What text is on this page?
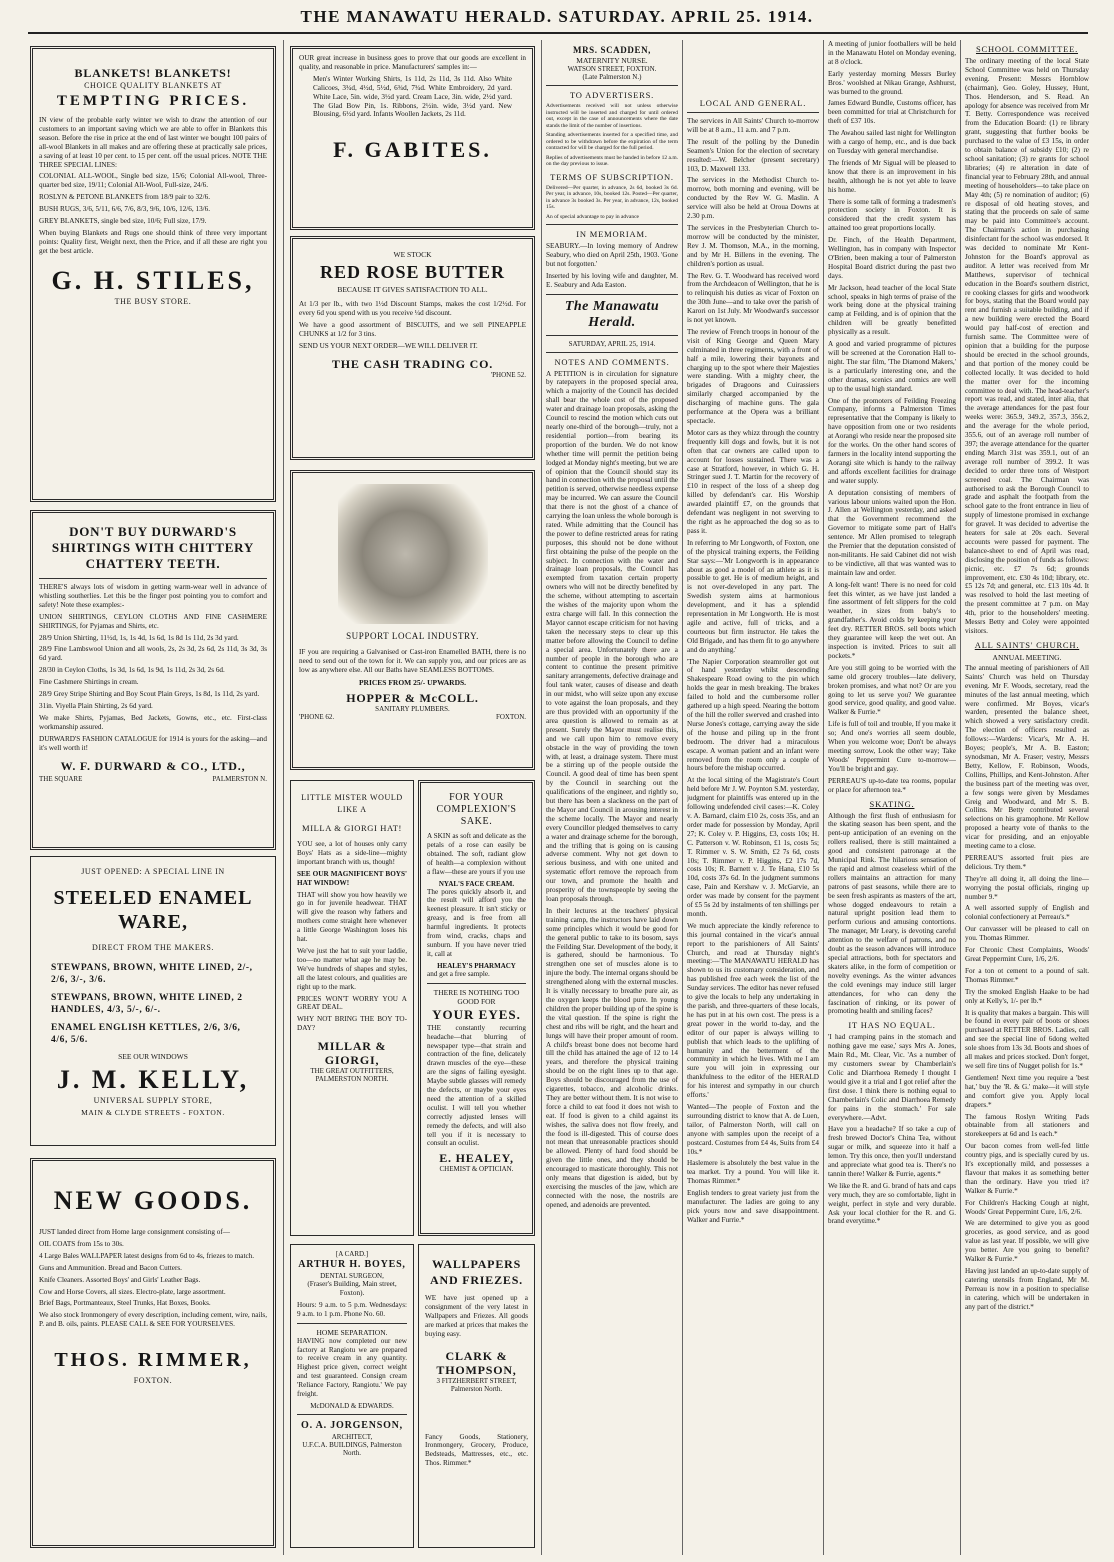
THE MANAWATU HERALD. SATURDAY. APRIL 25. 1914.
BLANKETS! BLANKETS!
CHOICE QUALITY BLANKETS AT
TEMPTING PRICES.

IN view of the probable early winter we wish to draw the attention of our customers to an important saving which we are able to offer in Blankets this season. Before the rise in price at the end of last winter we bought 100 pairs of all-wool Blankets in all makes and are offering these at practically sale prices, a saving of at least 10 per cent. to 15 per cent. off the usual prices. NOTE THE THREE SPECIAL LINES:

COLONIAL ALL-WOOL, Single bed size, 15/6; Colonial All-wool, Three-quarter bed size, 19/11; Colonial All-Wool, Full-size, 24/6.

ROSLYN & PETONE BLANKETS from 18/9 pair to 32/6.

BUSH RUGS, 3/6, 5/11, 6/6, 7/6, 8/3, 9/6, 10/6, 12/6, 13/6.

GREY BLANKETS, single bed size, 10/6; Full size, 17/9.

When buying Blankets and Rugs one should think of three very important points: Quality first, Weight next, then the Price, and if all these are right you get the best article.

G. H. STILES,
THE BUSY STORE.
DON'T BUY DURWARD'S SHIRTINGS WITH CHITTERY CHATTERY TEETH.

THERE'S always lots of wisdom in getting warm-wear well in advance of whistling southerlies. Let this be the finger post pointing you to comfort and safety! Note these examples:-

UNION SHIRTINGS, CEYLON CLOTHS AND FINE CASHMERE SHIRTINGS, for Pyjamas and Shirts, etc.

28/9 Union Shirting, 11½d, 1s, 1s 4d, 1s 6d, 1s 8d 1s 11d, 2s 3d yard.

28/9 Fine Lambswool Union and all wools, 2s, 2s 3d, 2s 6d, 2s 11d, 3s 3d, 3s 6d yard.

28/30 in Ceylon Cloths, 1s 3d, 1s 6d, 1s 9d, 1s 11d, 2s 3d, 2s 6d.

Fine Cashmere Shirtings in cream.

28/9 Grey Stripe Shirting and Boy Scout Plain Greys, 1s 8d, 1s 11d, 2s yard.

31in. Viyella Plain Shirting, 2s 6d yard.

We make Shirts, Pyjamas, Bed Jackets, Gowns, etc., etc. First-class workmanship assured.

DURWARD'S FASHION CATALOGUE for 1914 is yours for the asking—and it's well worth it!

W. F. DURWARD & CO., LTD.,
THE SQUARE	PALMERSTON N.
JUST OPENED: A SPECIAL LINE IN
STEELED ENAMEL WARE,
DIRECT FROM THE MAKERS.
STEWPANS, BROWN, WHITE LINED, 2/-, 2/6, 3/-, 3/6.
STEWPANS, BROWN, WHITE LINED, 2 HANDLES, 4/3, 5/-, 6/-.
ENAMEL ENGLISH KETTLES, 2/6, 3/6, 4/6, 5/6.
SEE OUR WINDOWS
J. M. KELLY,
UNIVERSAL SUPPLY STORE,
MAIN & CLYDE STREETS - FOXTON.
NEW GOODS.

JUST landed direct from Home large consignment consisting of—

OIL COATS from 15s to 30s.

4 Large Bales WALLPAPER latest designs from 6d to 4s, friezes to match.

Guns and Ammunition. Bread and Bacon Cutters.

Knife Cleaners. Assorted Boys' and Girls' Leather Bags.

Cow and Horse Covers, all sizes. Electro-plate, large assortment.

Brief Bags, Portmanteaux, Steel Trunks, Hat Boxes, Books.

We also stock Ironmongery of every description, including cement, wire, nails, P. and B. oils, paints. PLEASE CALL & SEE FOR YOURSELVES.

THOS. RIMMER,
FOXTON.

OUR great increase in business goes to prove that our goods are excellent in quality, and reasonable in price. Manufacturers' samples in:—

Men's Winter Working Shirts, 1s 11d, 2s 11d, 3s 11d. Also White Calicoes, 3¾d, 4½d, 5½d, 6¾d, 7¾d. White Embroidery, 2d yard. White Lace, 5in. wide, 3½d yard. Cream Lace, 3in. wide, 2½d yard. The Glad Bow Pin, 1s. Ribbons, 2½in. wide, 3½d yard. New Blousing, 6½d yard. Infants Woollen Jackets, 2s 11d.

F. GABITES.
WE STOCK
RED ROSE BUTTER
BECAUSE IT GIVES SATISFACTION TO ALL.

At 1/3 per lb., with two 1½d Discount Stamps, makes the cost 1/2½d. For every 6d you spend with us you receive ¼d discount.

We have a good assortment of BISCUITS, and we sell PINEAPPLE CHUNKS at 1/2 for 3 tins.

SEND US YOUR NEXT ORDER—WE WILL DELIVER IT.

THE CASH TRADING CO.
'PHONE 52.
SUPPORT LOCAL INDUSTRY.

IF you are requiring a Galvanised or Cast-iron Enamelled BATH, there is no need to send out of the town for it. We can supply you, and our prices are as low as anywhere else. All our Baths have SEAMLESS BOTTOMS.

PRICES FROM 25/- UPWARDS.
HOPPER & McCOLL.
SANITARY PLUMBERS.
'PHONE 62.	FOXTON.
LITTLE MISTER WOULD LIKE A
MILLA & GIORGI HAT!

YOU see, a lot of houses only carry Boys' Hats as a side-line—mighty important branch with us, though!

SEE OUR MAGNIFICENT BOYS' HAT WINDOW!

THAT will show you how heavily we go in for juvenile headwear. THAT will give the reason why fathers and mothers come straight here whenever a little George Washington loses his hat.

We've just the hat to suit your laddie, too—no matter what age he may be. We've hundreds of shapes and styles, all the latest colours, and qualities are right up to the mark.

PRICES WON'T WORRY YOU A GREAT DEAL.

WHY NOT BRING THE BOY TO-DAY?

MILLAR & GIORGI,
THE GREAT OUTFITTERS,
PALMERSTON NORTH.
FOR YOUR COMPLEXION'S SAKE.

A SKIN as soft and delicate as the petals of a rose can easily be obtained. The soft, radiant glow of health—a complexion without a flaw—these are yours if you use

NYAL'S FACE CREAM.

The pores quickly absorb it, and the result will afford you the keenest pleasure. It isn't sticky or greasy, and is free from all harmful ingredients. It protects from wind, cracks, chaps and sunburn. If you have never tried it, call at

HEALEY'S PHARMACY

and get a free sample.

THERE IS NOTHING TOO GOOD FOR
YOUR EYES.

THE constantly recurring headache—that blurring of newspaper type—that strain and contraction of the fine, delicately drawn muscles of the eye—these are the signs of failing eyesight. Maybe subtle glasses will remedy the defects, or maybe your eyes need the attention of a skilled oculist. I will tell you whether correctly adjusted lenses will remedy the defects, and will also tell you if it is necessary to consult an oculist.

E. HEALEY,
CHEMIST & OPTICIAN.
[A CARD.]
ARTHUR H. BOYES,
DENTAL SURGEON,

(Fraser's Building, Main street, Foxton).

Hours: 9 a.m. to 5 p.m. Wednesdays: 9 a.m. to 1 p.m. Phone No. 60.

HOME SEPARATION.

HAVING now completed our new factory at Rangiotu we are prepared to receive cream in any quantity. Highest price given, correct weight and test guaranteed. Consign cream 'Reliance Factory, Rangiotu.' We pay freight.

McDONALD & EDWARDS.
O. A. JORGENSON,
ARCHITECT,
U.F.C.A. BUILDINGS, Palmerston North.
WALLPAPERS AND FRIEZES.

WE have just opened up a consignment of the very latest in Wallpapers and Friezes. All goods are marked at prices that makes the buying easy.

CLARK & THOMPSON,
3 FITZHERBERT STREET,
Palmerston North.

Fancy Goods, Stationery, Ironmongery, Grocery, Produce, Bedsteads, Mattresses, etc., etc. Thos. Rimmer.*

MRS. SCADDEN,
MATERNITY NURSE.
WATSON STREET, FOXTON.
(Late Palmerston N.)
TO ADVERTISERS.

Advertisements received will not unless otherwise instructed will be inserted and charged for until ordered out, except in the case of announcements where the date stands the limit of the number of insertions.

Standing advertisements inserted for a specified time, and ordered to be withdrawn before the expiration of the term contracted for will be charged for the full period.

Replies of advertisements must be handed in before 12 a.m. on the day previous to issue.

TERMS OF SUBSCRIPTION.

Delivered—Per quarter, in advance, 2s 6d, booked 3s 6d. Per year, in advance, 10s, booked 12s. Posted—Per quarter, in advance 3s booked 3s. Per year, in advance, 12s, booked 15s.

An of special advantage to pay in advance

IN MEMORIAM.

SEABURY.—In loving memory of Andrew Seabury, who died on April 25th, 1903. 'Gone but not forgotten.'

Inserted by his loving wife and daughter, M. E. Seabury and Ada Easton.

The Manawatu Herald.
SATURDAY, APRIL 25, 1914.
NOTES AND COMMENTS.

A PETITION is in circulation for signature by ratepayers in the proposed special area, which a majority of the Council has decided shall bear the whole cost of the proposed water and drainage loan proposals, asking the Council to rescind the motion which cuts out nearly one-third of the borough—truly, not a residential portion—from bearing its proportion of the burden. We do not know whether time will permit the petition being lodged at Monday night's meeting, but we are of opinion that the Council should stay its hand in connection with the proposal until the petition is served, otherwise needless expense may be incurred. We can assure the Council that there is not the ghost of a chance of carrying the loan unless the whole borough is rated. While admitting that the Council has the power to define restricted areas for rating purposes, this should not be done without first obtaining the pulse of the people on the subject. In connection with the water and drainage loan proposals, the Council has exempted from taxation certain property owners who will not be directly benefited by the scheme, without attempting to ascertain the wishes of the majority upon whom the extra charge will fall. In this connection the Mayor cannot escape criticism for not having taken the necessary steps to clear up this matter before allowing the Council to define a special area. Unfortunately there are a number of people in the borough who are content to continue the present primitive sanitary arrangements, defective drainage and foul tank water, causes of disease and death in our midst, who will seize upon any excuse to vote against the loan proposals, and they are thus provided with an opportunity if the area question is allowed to remain as at present. Surely the Mayor must realise this, and we call upon him to remove every obstacle in the way of providing the town with, at least, a drainage system. There must be a stirring up of the people outside the Council. A good deal of time has been spent by the Council in searching out the qualifications of the engineer, and rightly so, but there has been a slackness on the part of the Mayor and Council in arousing interest in the scheme locally. The Mayor and nearly every Councillor pledged themselves to carry a water and drainage scheme for the borough, and the trifling that is going on is causing adverse comment. Why not get down to serious business, and with one united and systematic effort remove the reproach from our town, and promote the health and prosperity of the townspeople by seeing the loan proposals through.

In their lectures at the teachers' physical training camp, the instructors have laid down some principles which it would be good for the general public to take to its bosom, says the Feilding Star. Development of the body, it is gathered, should be harmonious. To strengthen one set of muscles alone is to injure the body. The internal organs should be strengthened along with the external muscles. It is vitally necessary to breathe pure air, as the oxygen keeps the blood pure. In young children the proper building up of the spine is the vital question. If the spine is right the chest and ribs will be right, and the heart and lungs will have their proper amount of room. A child's breast bone does not become hard till the child has attained the age of 12 to 14 years, and therefore the physical training should be on the right lines up to that age. Boys should be discouraged from the use of cigarettes, tobacco, and alcoholic drinks. They are better without them. It is not wise to force a child to eat food it does not wish to eat. If food is given to a child against its wishes, the saliva does not flow freely, and the food is ill-digested. This of course does not mean that unreasonable practices should be allowed. Plenty of hard food should be given the little ones, and they should be encouraged to masticate thoroughly. This not only means that digestion is aided, but by exercising the muscles of the jaw, which are connected with the nose, the nostrils are opened, and adenoids are prevented.

LOCAL AND GENERAL.

The services in All Saints' Church to-morrow will be at 8 a.m., 11 a.m. and 7 p.m.

The result of the polling by the Dunedin Seamen's Union for the election of secretary resulted:—W. Belcher (present secretary) 103, D. Maxwell 133.

The services in the Methodist Church to-morrow, both morning and evening, will be conducted by the Rev W. G. Maslin. A service will also be held at Oroua Downs at 2.30 p.m.

The services in the Presbyterian Church to-morrow will be conducted by the minister, Rev J. M. Thomson, M.A., in the morning, and by Mr H. Billens in the evening. The children's portion as usual.

The Rev. G. T. Woodward has received word from the Archdeacon of Wellington, that he is to relinquish his duties as vicar of Foxton on the 30th June—and to take over the parish of Karori on 1st July. Mr Woodward's successor is not yet known.

The review of French troops in honour of the visit of King George and Queen Mary culminated in three regiments, with a front of half a mile, lowering their bayonets and charging up to the spot where their Majesties were standing. With a mighty cheer, the brigades of Dragoons and Cuirassiers similarly charged accompanied by the discharging of machine guns. The gala performance at the Opera was a brilliant spectacle.

Motor cars as they whizz through the country frequently kill dogs and fowls, but it is not often that car owners are called upon to account for losses sustained. There was a case at Stratford, however, in which G. H. Stringer sued J. T. Martin for the recovery of £10 in respect of the loss of a sheep dog killed by defendant's car. His Worship awarded plaintiff £7, on the grounds that defendant was negligent in not swerving to the right as he approached the dog so as to pass it.

In referring to Mr Longworth, of Foxton, one of the physical training experts, the Feilding Star says:—'Mr Longworth is in appearance about as good a model of an athlete as it is possible to get. He is of medium height, and is not over-developed in any part. The Swedish system aims at harmonious development, and it has a splendid representation in Mr Longworth. He is most agile and active, full of tricks, and a courteous but firm instructor. He takes the Old Brigade, and has them fit to go anywhere and do anything.'

'The Napier Corporation steamroller got out of hand yesterday whilst descending Shakespeare Road owing to the pin which holds the gear in mesh breaking. The brakes failed to hold and the cumbersome roller gathered up a high speed. Nearing the bottom of the hill the roller swerved and crashed into Nurse Jones's cottage, carrying away the side of the house and piling up in the front bedroom. The driver had a miraculous escape. A woman patient and an infant were removed from the room only a couple of hours before the mishap occurred.

At the local sitting of the Magistrate's Court held before Mr J. W. Poynton S.M. yesterday, judgment for plaintiffs was entered up in the following undefended civil cases:—K. Coley v. A. Barnard, claim £10 2s, costs 35s, and an order made for possession by Monday, April 27; K. Coley v. P. Higgins, £3, costs 10s; H. C. Patterson v. W. Robinson, £1 1s, costs 5s; T. Rimmer v. S. W. Smith, £2 7s 6d, costs 10s; T. Rimmer v. P. Higgins, £2 17s 7d, costs 10s; R. Barnett v. J. Te Hana, £10 5s 10d, costs 37s 6d. In the judgment summons case, Pain and Kershaw v. J. McGarvie, an order was made by consent for the payment of £5 5s 2d by instalments of ten shillings per month.

We much appreciate the kindly reference to this journal contained in the vicar's annual report to the parishioners of All Saints' Church, and read at Thursday night's meeting:—'The MANAWATU HERALD has shown to us its customary consideration, and has published free each week the list of the Sunday services. The editor has never refused to give the locals to help any undertaking in the parish, and three-quarters of these locals, he has put in at his own cost. The press is a great power in the world to-day, and the editor of our paper is always willing to publish that which leads to the uplifting of humanity and the betterment of the community in which he lives. With me I am sure you will join in expressing our thankfulness to the editor of the HERALD for his interest and sympathy in our church efforts.'

Wanted—The people of Foxton and the surrounding district to know that A. de Luen, tailor, of Palmerston North, will call on anyone with samples upon the receipt of a postcard. Costumes from £4 4s, Suits from £4 10s.*

Haslemere is absolutely the best value in the tea market. Try a pound. You will like it. Thomas Rimmer.*

English tenders to great variety just from the manufacturer. The ladies are going to any pick yours now and save disappointment. Walker and Furrie.*

A meeting of junior footballers will be held in the Manawatu Hotel on Monday evening, at 8 o'clock.

Early yesterday morning Messrs Burley Bros.' woolshed at Nikau Grange, Ashhurst, was burned to the ground.

James Edward Bundle, Customs officer, has been committed for trial at Christchurch for theft of £37 10s.

The Awahou sailed last night for Wellington with a cargo of hemp, etc., and is due back on Tuesday with general merchandise.

The friends of Mr Sigual will be pleased to know that there is an improvement in his health, although he is not yet able to leave his home.

There is some talk of forming a tradesmen's protection society in Foxton. It is considered that the credit system has attained too great proportions locally.

Dr. Finch, of the Health Department, Wellington, has in company with Inspector O'Brien, been making a tour of Palmerston Hospital Board district during the past two days.

Mr Jackson, head teacher of the local State school, speaks in high terms of praise of the work being done at the physical training camp at Feilding, and is of opinion that the children will be greatly benefitted physically as a result.

A good and varied programme of pictures will be screened at the Coronation Hall to-night. The star film, 'The Diamond Makers,' is a particularly interesting one, and the other dramas, scenics and comics are well up to the usual high standard.

One of the promoters of Feilding Freezing Company, informs a Palmerston Times representative that the Company is likely to have opposition from one or two residents at Aorangi who reside near the proposed site for the works. On the other hand scores of farmers in the locality intend supporting the Aorangi site which is handy to the railway and affords excellent facilities for drainage and water supply.

A deputation consisting of members of various labour unions waited upon the Hon. J. Allen at Wellington yesterday, and asked that the Government recommend the Governor to mitigate some part of Hall's sentence. Mr Allen promised to telegraph the Premier that the deputation consisted of non-militants. He said Cabinet did not wish to be vindictive, all that was wanted was to maintain law and order.

A long-felt want! There is no need for cold feet this winter, as we have just landed a fine assortment of felt slippers for the cold weather, in sizes from baby's to grandfather's. Avoid colds by keeping your feet dry. RETTER BROS. sell boots which they guarantee will keep the wet out. An inspection is invited. Prices to suit all pockets.*

Are you still going to be worried with the same old grocery troubles—late delivery, broken promises, and what not? Or are you going to let us serve you? We guarantee good service, good quality, and good value. Walker & Furrie.*

Life is full of toil and trouble, If you make it so; And one's worries all seem double, When you welcome woe; Don't be always meeting sorrow, Look the other way; Take Woods' Peppermint Cure to-morrow—You'll be bright and gay.

PERREAU'S up-to-date tea rooms, popular or place for afternoon tea.*

SKATING.

Although the first flush of enthusiasm for the skating season has been spent, and the pent-up anticipation of an evening on the rollers realised, there is still maintained a good and consistent patronage at the Municipal Rink. The hilarious sensation of the rapid and almost ceaseless whirl of the rollers maintains an attraction for many patrons of past seasons, while there are to be seen fresh aspirants as masters of the art, whose dogged endeavours to retain a natural upright position lead them to perform curious and amusing contortions. The manager, Mr Leary, is devoting careful attention to the welfare of patrons, and no doubt as the season advances will introduce special attractions, both for spectators and skaters alike, in the form of competition or novelty evenings. As the winter advances the cold evenings may induce still larger attendances, for who can deny the fascination of rinking, or its power of promoting health and smiling faces?

IT HAS NO EQUAL.

'I had cramping pains in the stomach and nothing gave me ease,' says Mrs A. Jones, Main Rd., Mt. Clear, Vic. 'As a number of my customers swear by Chamberlain's Colic and Diarrhoea Remedy I thought I would give it a trial and I got relief after the first dose. I think there is nothing equal to Chamberlain's Colic and Diarrhoea Remedy for pains in the stomach.' For sale everywhere.—Advt.

Have you a headache? If so take a cup of fresh brewed Doctor's China Tea, without sugar or milk, and squeeze into it half a lemon. Try this once, then you'll understand and appreciate what good tea is. There's no tannin there! Walker & Furrie, agents.*

We like the R. and G. brand of hats and caps very much, they are so comfortable, light in weight, perfect in style and very durable. Ask your local clothier for the R. and G. brand everytime.*

SCHOOL COMMITTEE.

The ordinary meeting of the local State School Committee was held on Thursday evening. Present: Messrs Hornblow (chairman), Geo. Goley, Hussey, Hunt, Thos. Henderson, and S. Read. An apology for absence was received from Mr T. Betty. Correspondence was received from the Education Board: (1) re library grant, suggesting that further books be purchased to the value of £3 15s, in order to obtain balance of subsidy £10; (2) re school sanitation; (3) re grants for school libraries; (4) re alteration in date of financial year to February 28th, and annual meeting of householders—to take place on May 4th; (5) re nomination of auditor; (6) re disposal of old heating stoves, and stating that the proceeds on sale of same may be paid into Committee's account. The Chairman's action in purchasing disinfectant for the school was endorsed. It was decided to nominate Mr Kent-Johnston for the Board's approval as auditor. A letter was received from Mr Matthews, supervisor of technical education in the Board's southern district, re cooking classes for girls and woodwork for boys, stating that the Board would pay rent and furnish a suitable building, and if a new building were erected the Board would pay half-cost of erection and furnish same. The Committee were of opinion that a building for the purpose should be erected in the school grounds, and that portion of the money could be collected locally. It was decided to hold the matter over for the incoming committee to deal with. The head-teacher's report was read, and stated, inter alia, that the average attendances for the past four weeks were: 365.9, 349.2, 357.3, 356.2, and the average for the whole period, 355.6, out of an average roll number of 397; the average attendance for the quarter ending March 31st was 359.1, out of an average roll number of 399.2. It was decided to order three tons of Westport screened coal. The Chairman was authorised to ask the Borough Council to grade and asphalt the footpath from the school gate to the front entrance in lieu of supply of limestone promised in exchange for gravel. It was decided to advertise the heaters for sale at 20s each. Several accounts were passed for payment. The balance-sheet to end of April was read, disclosing the position of funds as follows: picnic, etc. £7 7s 6d; grounds improvement, etc. £30 4s 10d; library, etc. £5 12s 7d; and general, etc. £13 10s 4d. It was resolved to hold the last meeting of the present committee at 7 p.m. on May 4th, prior to the householders' meeting. Messrs Betty and Coley were appointed visitors.

ALL SAINTS' CHURCH.
ANNUAL MEETING.

The annual meeting of parishioners of All Saints' Church was held on Thursday evening. Mr F. Woods, secretary, read the minutes of the last annual meeting, which were confirmed. Mr Boyes, vicar's warden, presented the balance sheet, which showed a very satisfactory credit. The election of officers resulted as follows:—Wardens: Vicar's, Mr A. H. Boyes; people's, Mr A. B. Easton; synodsman, Mr A. Fraser; vestry, Messrs Betty, Kellow, F. Robinson, Woods, Collins, Phillips, and Kent-Johnston. After the business part of the meeting was over, a few songs were given by Mesdames Greig and Woodward, and Mr S. B. Collins. Mr Betty contributed several selections on his gramophone. Mr Kellow proposed a hearty vote of thanks to the vicar for presiding, and an enjoyable meeting came to a close.

PERREAU'S assorted fruit pies are delicious. Try them.*

They're all doing it, all doing the line—worrying the postal officials, ringing up number 9.*

A well assorted supply of English and colonial confectionery at Perreau's.*

Our canvasser will be pleased to call on you. Thomas Rimmer.

For Chronic Chest Complaints, Woods' Great Peppermint Cure, 1/6, 2/6.

For a ton ot cement to a pound of salt. Thomas Rimmer.*

Try the smoked English Haake to be had only at Kelly's, 1/- per lb.*

It is quality that makes a bargain. This will be found in every pair of boots or shoes purchased at RETTER BROS. Ladies, call and see the special line of 6dong welted sole shoes from 13s 3d. Boots and shoes of all makes and prices stocked. Don't forget, we sell fire tins of Nugget polish for 1s.*

Gentlemen! Next time you require a 'best hat,' buy the 'R. & G.' make—it will style and comfort give you. Apply local drapers.*

The famous Roslyn Writing Pads obtainable from all stationers and storekeepers at 6d and 1s each.*

Our bacon comes from well-fed little country pigs, and is specially cured by us. It's exceptionally mild, and possesses a flavour that makes it as something better than the ordinary. Have you tried it? Walker & Furrie.*

For Children's Hacking Cough at night, Woods' Great Peppermint Cure, 1/6, 2/6.

We are determined to give you as good groceries, as good service, and as good value as last year. If possible, we will give you better. Are you going to benefit? Walker & Furrie.*

Having just landed an up-to-date supply of catering utensils from England, Mr M. Perreau is now in a position to specialise in catering, which will be undertaken in any part of the district.*
